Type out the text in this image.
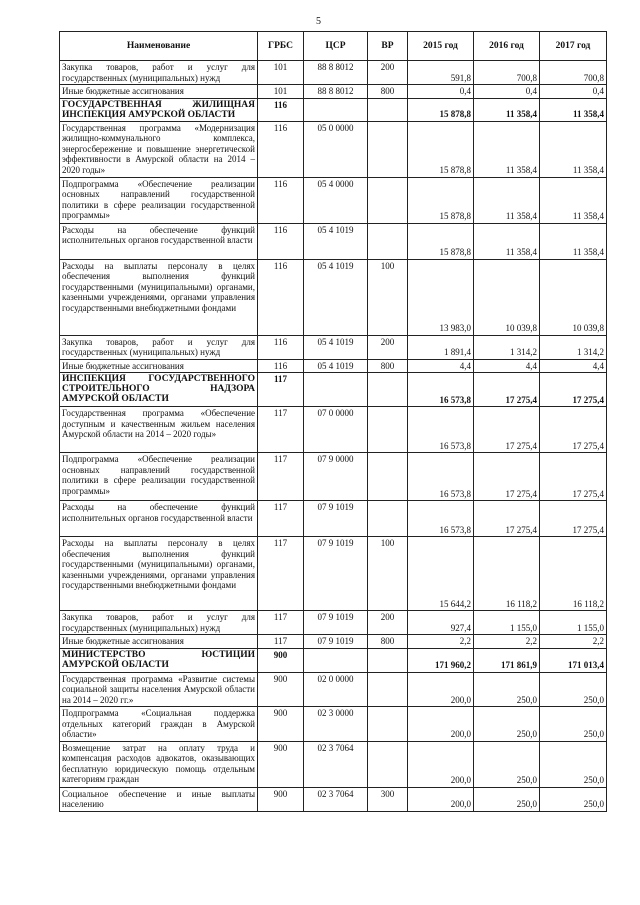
5
Наименование	ГРБС	ЦСР	ВР	2015 год	2016 год	2017 год
Закупка товаров, работ и услуг для государственных (муниципальных) нужд	101	88 8 8012	200	591,8	700,8	700,8
Иные бюджетные ассигнования	101	88 8 8012	800	0,4	0,4	0,4
ГОСУДАРСТВЕННАЯ ЖИЛИЩНАЯ ИНСПЕКЦИЯ АМУРСКОЙ ОБЛАСТИ	116			15 878,8	11 358,4	11 358,4
Государственная программа «Модернизация жилищно-коммунального комплекса, энергосбережение и повышение энергетической эффективности в Амурской области на 2014 – 2020 годы»	116	05 0 0000		15 878,8	11 358,4	11 358,4
Подпрограмма «Обеспечение реализации основных направлений государственной политики в сфере реализации государственной программы»	116	05 4 0000		15 878,8	11 358,4	11 358,4
Расходы на обеспечение функций исполнительных органов государственной власти	116	05 4 1019		15 878,8	11 358,4	11 358,4
Расходы на выплаты персоналу в целях обеспечения выполнения функций государственными (муниципальными) органами, казенными учреждениями, органами управления государственными внебюджетными фондами	116	05 4 1019	100	13 983,0	10 039,8	10 039,8
Закупка товаров, работ и услуг для государственных (муниципальных) нужд	116	05 4 1019	200	1 891,4	1 314,2	1 314,2
Иные бюджетные ассигнования	116	05 4 1019	800	4,4	4,4	4,4
ИНСПЕКЦИЯ ГОСУДАРСТВЕННОГО СТРОИТЕЛЬНОГО НАДЗОРА АМУРСКОЙ ОБЛАСТИ	117			16 573,8	17 275,4	17 275,4
Государственная программа «Обеспечение доступным и качественным жильем населения Амурской области на 2014 – 2020 годы»	117	07 0 0000		16 573,8	17 275,4	17 275,4
Подпрограмма «Обеспечение реализации основных направлений государственной политики в сфере реализации государственной программы»	117	07 9 0000		16 573,8	17 275,4	17 275,4
Расходы на обеспечение функций исполнительных органов государственной власти	117	07 9 1019		16 573,8	17 275,4	17 275,4
Расходы на выплаты персоналу в целях обеспечения выполнения функций государственными (муниципальными) органами, казенными учреждениями, органами управления государственными внебюджетными фондами	117	07 9 1019	100	15 644,2	16 118,2	16 118,2
Закупка товаров, работ и услуг для государственных (муниципальных) нужд	117	07 9 1019	200	927,4	1 155,0	1 155,0
Иные бюджетные ассигнования	117	07 9 1019	800	2,2	2,2	2,2
МИНИСТЕРСТВО ЮСТИЦИИ АМУРСКОЙ ОБЛАСТИ	900			171 960,2	171 861,9	171 013,4
Государственная программа «Развитие системы социальной защиты населения Амурской области на 2014 – 2020 гг.»	900	02 0 0000		200,0	250,0	250,0
Подпрограмма «Социальная поддержка отдельных категорий граждан в Амурской области»	900	02 3 0000		200,0	250,0	250,0
Возмещение затрат на оплату труда и компенсация расходов адвокатов, оказывающих бесплатную юридическую помощь отдельным категориям граждан	900	02 3 7064		200,0	250,0	250,0
Социальное обеспечение и иные выплаты населению	900	02 3 7064	300	200,0	250,0	250,0
